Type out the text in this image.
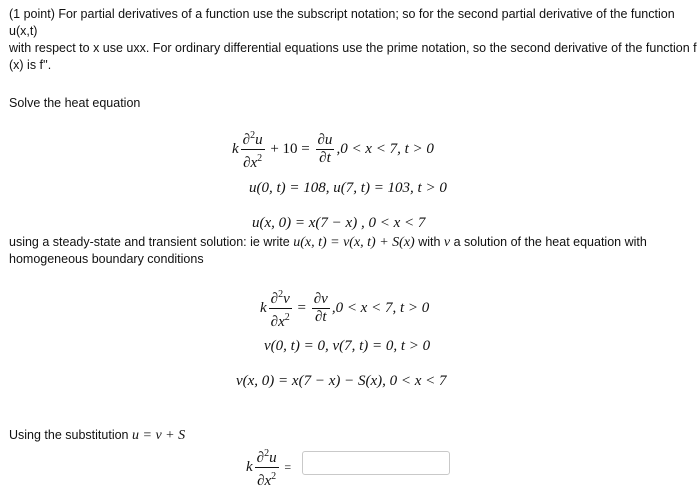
(1 point) For partial derivatives of a function use the subscript notation; so for the second partial derivative of the function u(x,t)
with respect to x use uxx. For ordinary differential equations use the prime notation, so the second derivative of the function f
(x) is f''.
Solve the heat equation
k $\frac{\partial^2u}{\partial x^2} + 10 = \frac{\partial u}{\partial t} ,0 < x < 7$, t > 0
u(0, t) = 108, u(7, t) = 103, t > 0
u(x, 0) = x(7 − x) , 0 < x < 7
using a steady-state and transient solution: ie write u(x, t) = v(x, t) + S(x) with v a solution of the heat equation with
homogeneous boundary conditions
k $\frac{\partial^2v}{\partial x^2} = \frac{\partial v}{\partial t} ,0 < x < 7$, t > 0
v(0, t) = 0, v(7, t) = 0, t > 0
v(x, 0) = x(7 − x) − S(x), 0 < x < 7
Using the substitution u = v + S
k $\frac{\partial^2u}{\partial x^2}$ =
